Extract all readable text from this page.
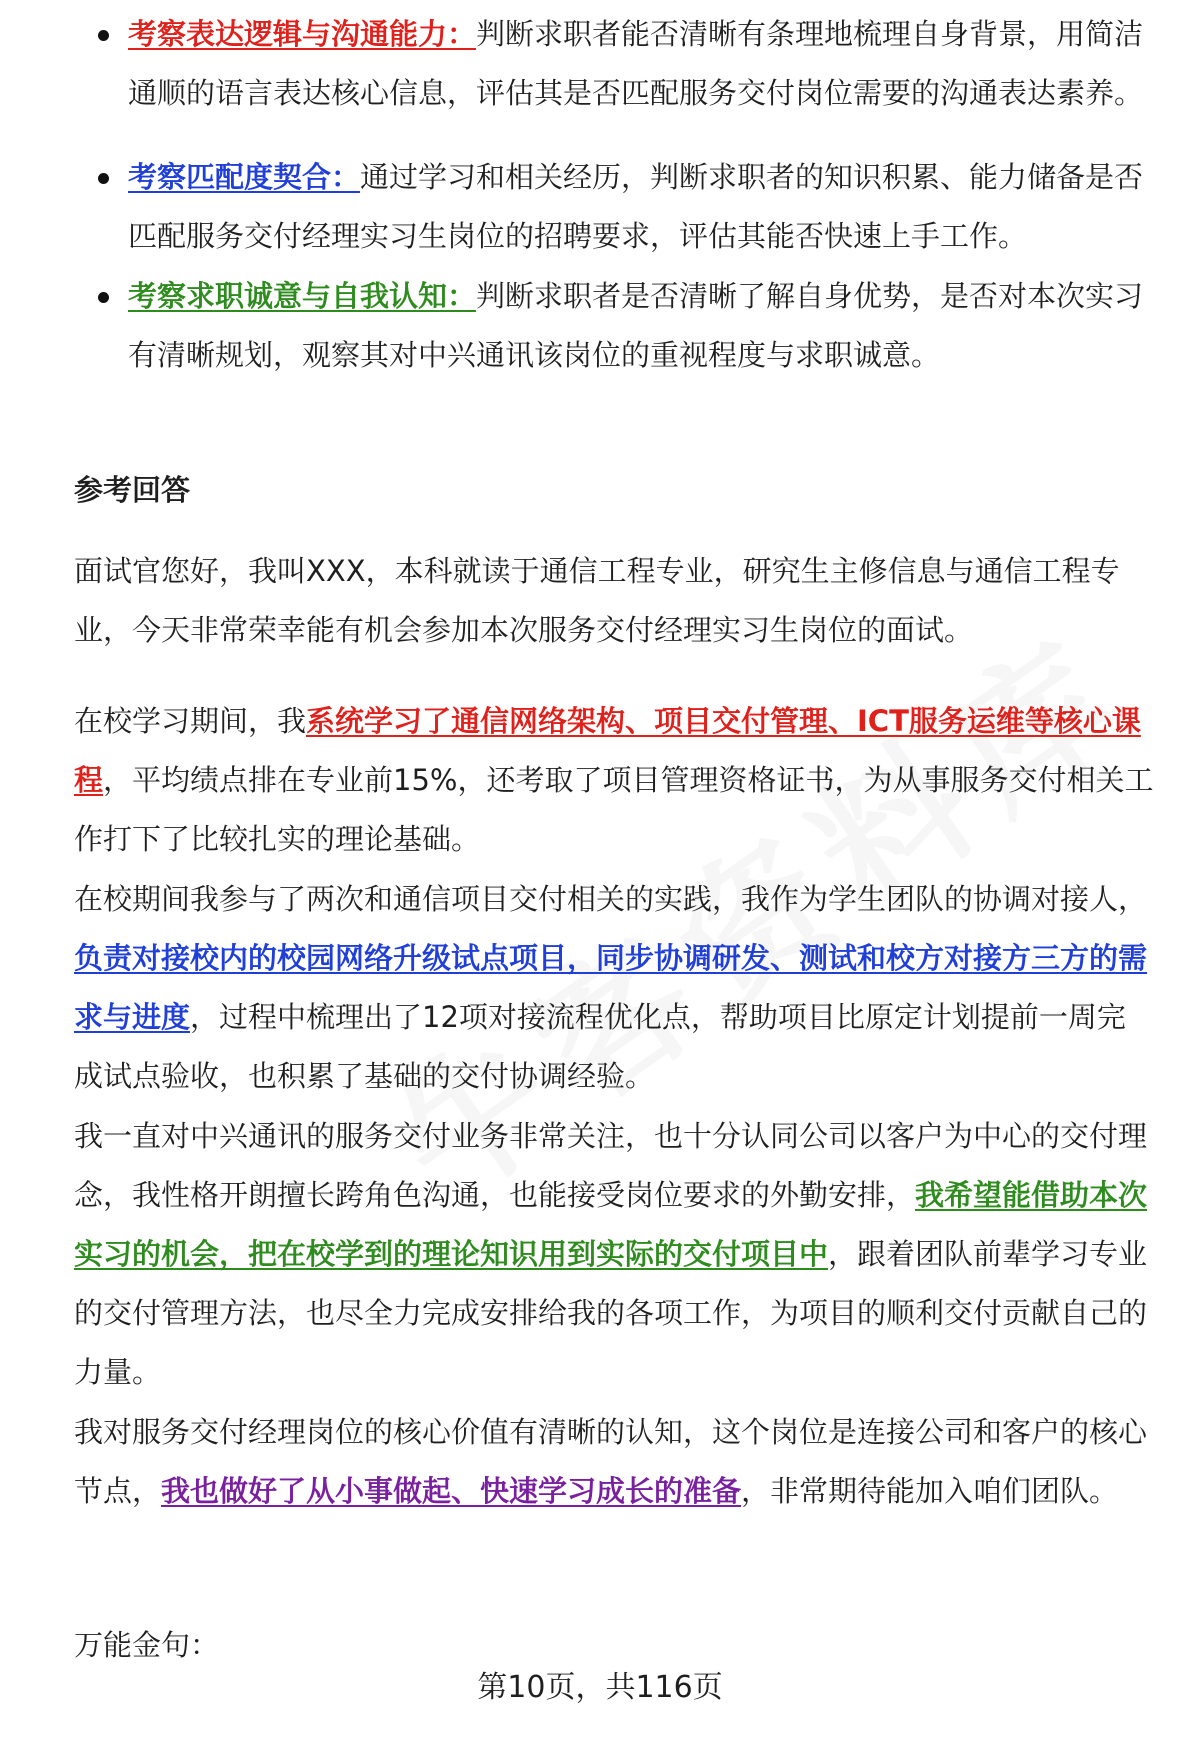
考察表达逻辑与沟通能力：判断求职者能否清晰有条理地梳理自身背景，用简洁通顺的语言表达核心信息，评估其是否匹配服务交付岗位需要的沟通表达素养。
考察匹配度契合：通过学习和相关经历，判断求职者的知识积累、能力储备是否匹配服务交付经理实习生岗位的招聘要求，评估其能否快速上手工作。
考察求职诚意与自我认知：判断求职者是否清晰了解自身优势，是否对本次实习有清晰规划，观察其对中兴通讯该岗位的重视程度与求职诚意。
参考回答

面试官您好，我叫XXX，本科就读于通信工程专业，研究生主修信息与通信工程专业，今天非常荣幸能有机会参加本次服务交付经理实习生岗位的面试。

在校学习期间，我系统学习了通信网络架构、项目交付管理、ICT服务运维等核心课程，平均绩点排在专业前15%，还考取了项目管理资格证书，为从事服务交付相关工作打下了比较扎实的理论基础。

在校期间我参与了两次和通信项目交付相关的实践，我作为学生团队的协调对接人，负责对接校内的校园网络升级试点项目，同步协调研发、测试和校方对接方三方的需求与进度，过程中梳理出了12项对接流程优化点，帮助项目比原定计划提前一周完成试点验收，也积累了基础的交付协调经验。

我一直对中兴通讯的服务交付业务非常关注，也十分认同公司以客户为中心的交付理念，我性格开朗擅长跨角色沟通，也能接受岗位要求的外勤安排，我希望能借助本次实习的机会，把在校学到的理论知识用到实际的交付项目中，跟着团队前辈学习专业的交付管理方法，也尽全力完成安排给我的各项工作，为项目的顺利交付贡献自己的力量。

我对服务交付经理岗位的核心价值有清晰的认知，这个岗位是连接公司和客户的核心节点，我也做好了从小事做起、快速学习成长的准备，非常期待能加入咱们团队。

万能金句：

第10页，共116页
